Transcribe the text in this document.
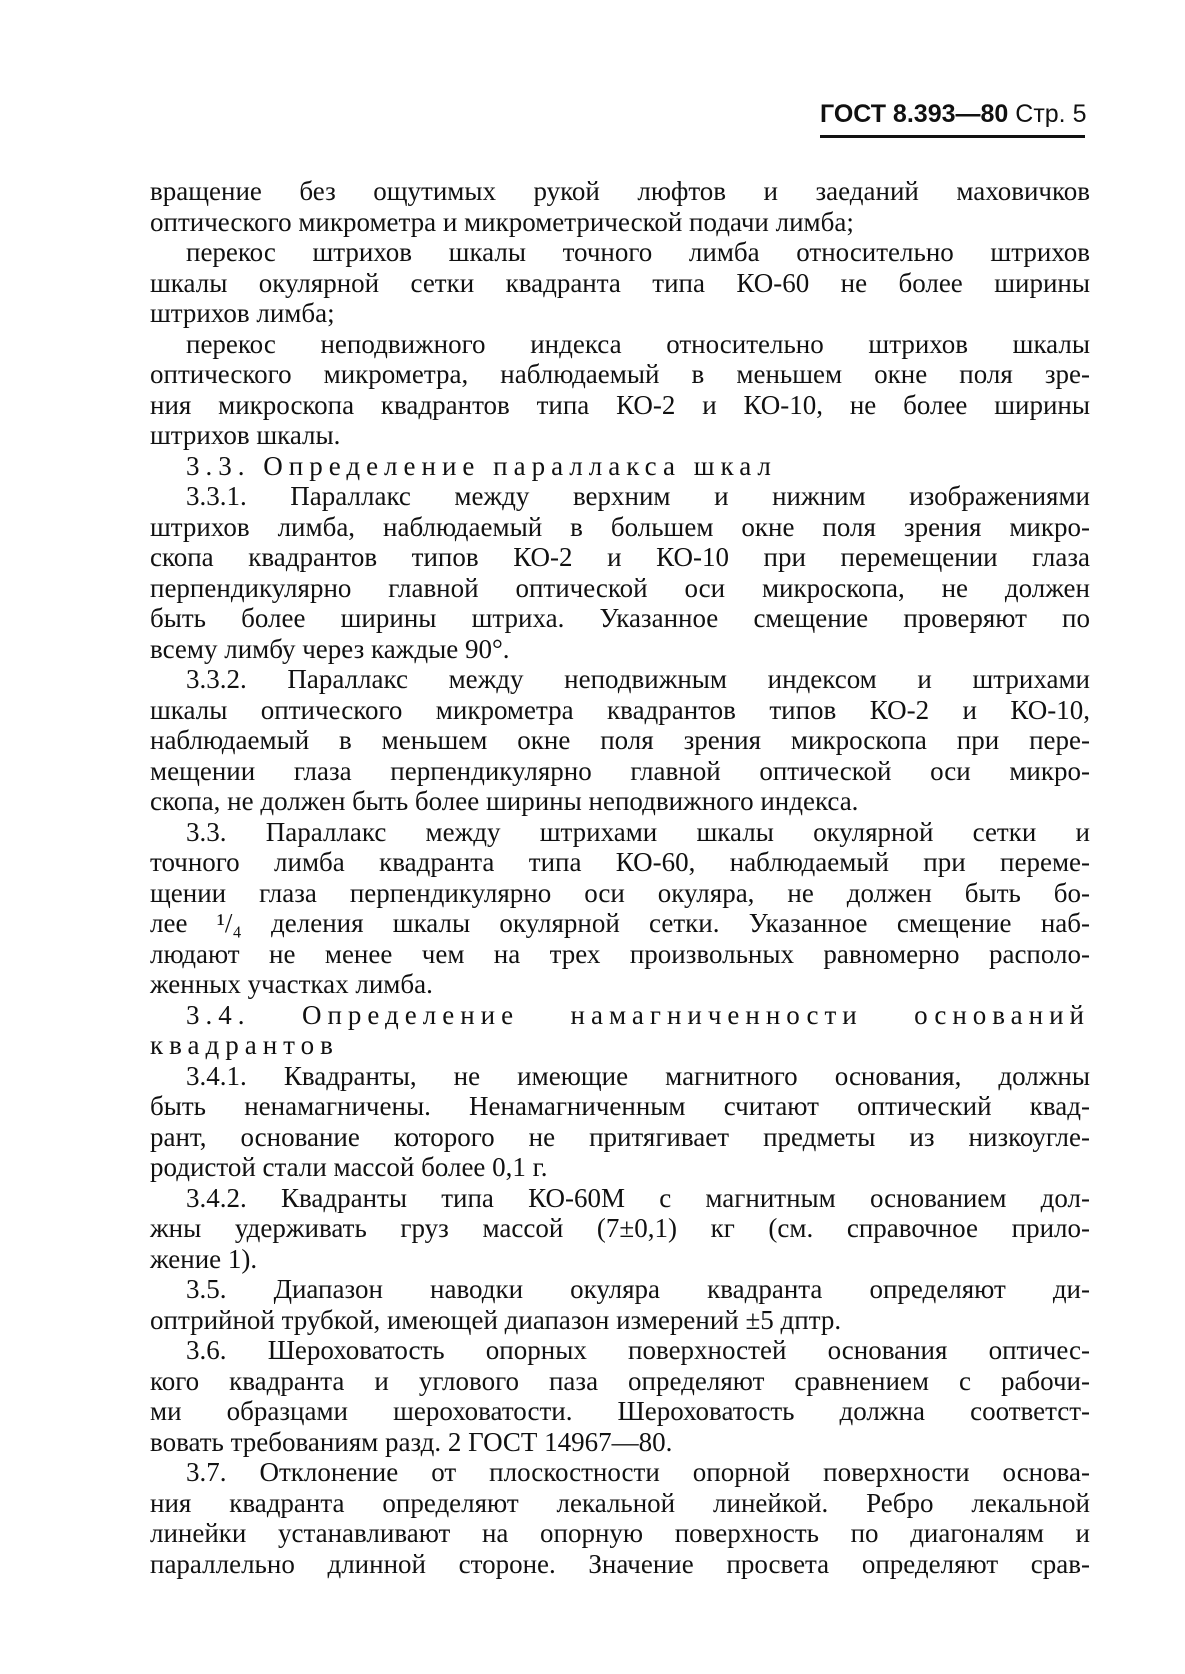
ГОСТ 8.393—80 Стр. 5
вращение без ощутимых рукой люфтов и заеданий маховичков
оптического микрометра и микрометрической подачи лимба;
перекос штрихов шкалы точного лимба относительно штрихов
шкалы окулярной сетки квадранта типа КО-60 не более ширины
штрихов лимба;
перекос неподвижного индекса относительно штрихов шкалы
оптического микрометра, наблюдаемый в меньшем окне поля зре-
ния микроскопа квадрантов типа КО-2 и КО-10, не более ширины
штрихов шкалы.
3.3. Определение параллакса шкал
3.3.1. Параллакс между верхним и нижним изображениями
штрихов лимба, наблюдаемый в большем окне поля зрения микро-
скопа квадрантов типов КО-2 и КО-10 при перемещении глаза
перпендикулярно главной оптической оси микроскопа, не должен
быть более ширины штриха. Указанное смещение проверяют по
всему лимбу через каждые 90°.
3.3.2. Параллакс между неподвижным индексом и штрихами
шкалы оптического микрометра квадрантов типов КО-2 и КО-10,
наблюдаемый в меньшем окне поля зрения микроскопа при пере-
мещении глаза перпендикулярно главной оптической оси микро-
скопа, не должен быть более ширины неподвижного индекса.
3.3. Параллакс между штрихами шкалы окулярной сетки и
точного лимба квадранта типа КО-60, наблюдаемый при переме-
щении глаза перпендикулярно оси окуляра, не должен быть бо-
лее ¹/₄ деления шкалы окулярной сетки. Указанное смещение наб-
людают не менее чем на трех произвольных равномерно располо-
женных участках лимба.
3.4. Определение намагниченности оснований
квадрантов
3.4.1. Квадранты, не имеющие магнитного основания, должны
быть ненамагничены. Ненамагниченным считают оптический квад-
рант, основание которого не притягивает предметы из низкоугле-
родистой стали массой более 0,1 г.
3.4.2. Квадранты типа КО-60М с магнитным основанием дол-
жны удерживать груз массой (7±0,1) кг (см. справочное прило-
жение 1).
3.5. Диапазон наводки окуляра квадранта определяют ди-
оптрийной трубкой, имеющей диапазон измерений ±5 дптр.
3.6. Шероховатость опорных поверхностей основания оптичес-
кого квадранта и углового паза определяют сравнением с рабочи-
ми образцами шероховатости. Шероховатость должна соответст-
вовать требованиям разд. 2 ГОСТ 14967—80.
3.7. Отклонение от плоскостности опорной поверхности основа-
ния квадранта определяют лекальной линейкой. Ребро лекальной
линейки устанавливают на опорную поверхность по диагоналям и
параллельно длинной стороне. Значение просвета определяют срав-
